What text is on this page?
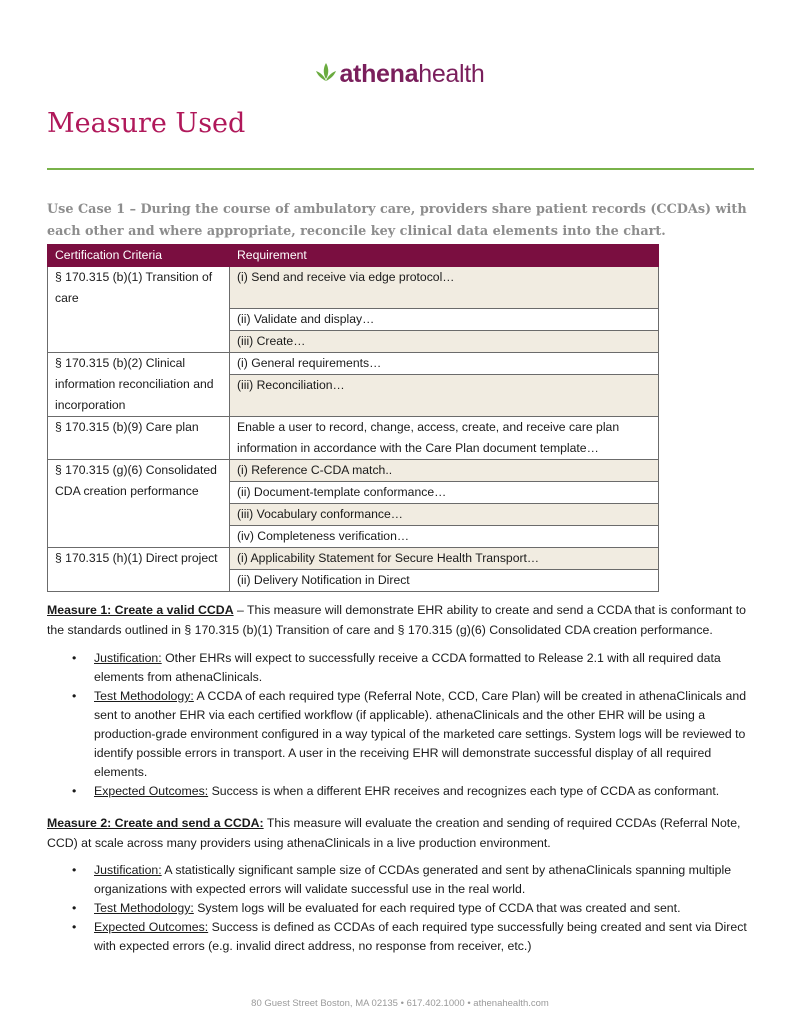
athenahealth
Measure Used
Use Case 1 – During the course of ambulatory care, providers share patient records (CCDAs) with each other and where appropriate, reconcile key clinical data elements into the chart.
Certification Criteria	Requirement
§ 170.315 (b)(1) Transition of care	(i) Send and receive via edge protocol…
	(ii) Validate and display…
	(iii) Create…
§ 170.315 (b)(2) Clinical information reconciliation and incorporation	(i) General requirements…
	(iii) Reconciliation…
§ 170.315 (b)(9) Care plan	Enable a user to record, change, access, create, and receive care plan information in accordance with the Care Plan document template…
§ 170.315 (g)(6) Consolidated CDA creation performance	(i) Reference C-CDA match..
	(ii) Document-template conformance…
	(iii) Vocabulary conformance…
	(iv) Completeness verification…
§ 170.315 (h)(1) Direct project	(i) Applicability Statement for Secure Health Transport…
	(ii) Delivery Notification in Direct
Measure 1: Create a valid CCDA – This measure will demonstrate EHR ability to create and send a CCDA that is conformant to the standards outlined in § 170.315 (b)(1) Transition of care and § 170.315 (g)(6) Consolidated CDA creation performance.
• Justification: Other EHRs will expect to successfully receive a CCDA formatted to Release 2.1 with all required data elements from athenaClinicals.
• Test Methodology: A CCDA of each required type (Referral Note, CCD, Care Plan) will be created in athenaClinicals and sent to another EHR via each certified workflow (if applicable). athenaClinicals and the other EHR will be using a production-grade environment configured in a way typical of the marketed care settings. System logs will be reviewed to identify possible errors in transport. A user in the receiving EHR will demonstrate successful display of all required elements.
• Expected Outcomes: Success is when a different EHR receives and recognizes each type of CCDA as conformant.
Measure 2: Create and send a CCDA: This measure will evaluate the creation and sending of required CCDAs (Referral Note, CCD) at scale across many providers using athenaClinicals in a live production environment.
• Justification: A statistically significant sample size of CCDAs generated and sent by athenaClinicals spanning multiple organizations with expected errors will validate successful use in the real world.
• Test Methodology: System logs will be evaluated for each required type of CCDA that was created and sent.
• Expected Outcomes: Success is defined as CCDAs of each required type successfully being created and sent via Direct with expected errors (e.g. invalid direct address, no response from receiver, etc.)
80 Guest Street Boston, MA 02135 • 617.402.1000 • athenahealth.com
